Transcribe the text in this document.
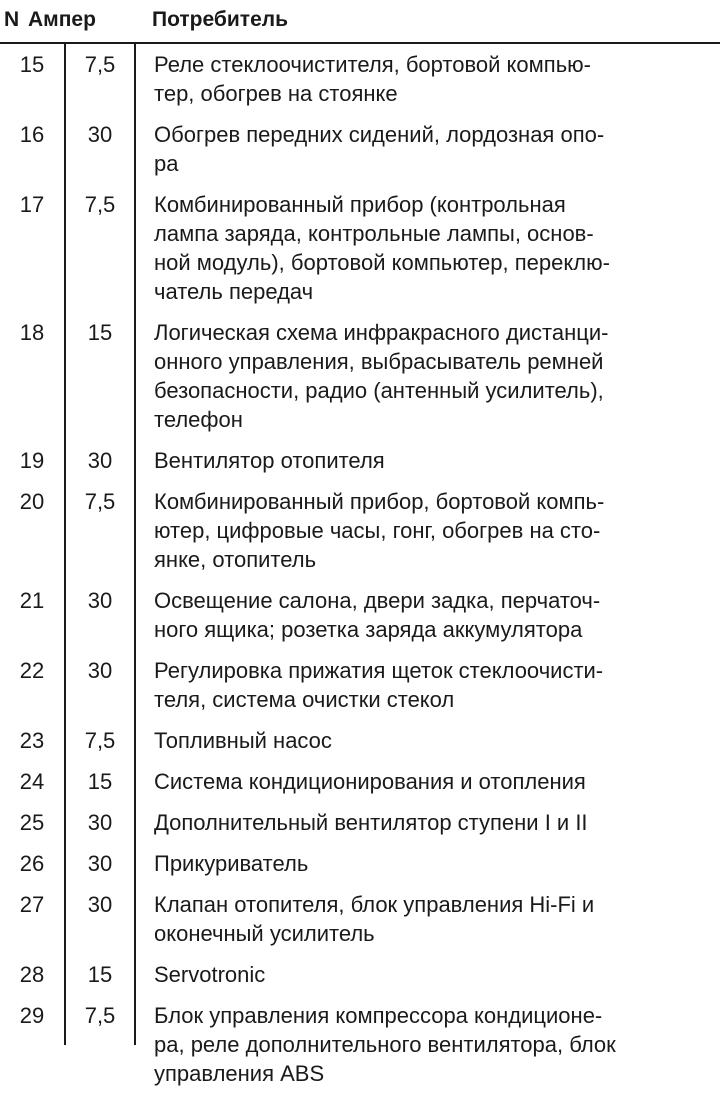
N Ампер	Потребитель
15	7,5	Реле стеклоочистителя, бортовой компью-
тер, обогрев на стоянке
16	30	Обогрев передних сидений, лордозная опо-
ра
17	7,5	Комбинированный прибор (контрольная
лампа заряда, контрольные лампы, основ-
ной модуль), бортовой компьютер, переклю-
чатель передач
18	15	Логическая схема инфракрасного дистанци-
онного управления, выбрасыватель ремней
безопасности, радио (антенный усилитель),
телефон
19	30	Вентилятор отопителя
20	7,5	Комбинированный прибор, бортовой компь-
ютер, цифровые часы, гонг, обогрев на сто-
янке, отопитель
21	30	Освещение салона, двери задка, перчаточ-
ного ящика; розетка заряда аккумулятора
22	30	Регулировка прижатия щеток стеклоочисти-
теля, система очистки стекол
23	7,5	Топливный насос
24	15	Система кондиционирования и отопления
25	30	Дополнительный вентилятор ступени I и II
26	30	Прикуриватель
27	30	Клапан отопителя, блок управления Hi-Fi и
оконечный усилитель
28	15	Servotronic
29	7,5	Блок управления компрессора кондиционе-
ра, реле дополнительного вентилятора, блок
управления ABS
